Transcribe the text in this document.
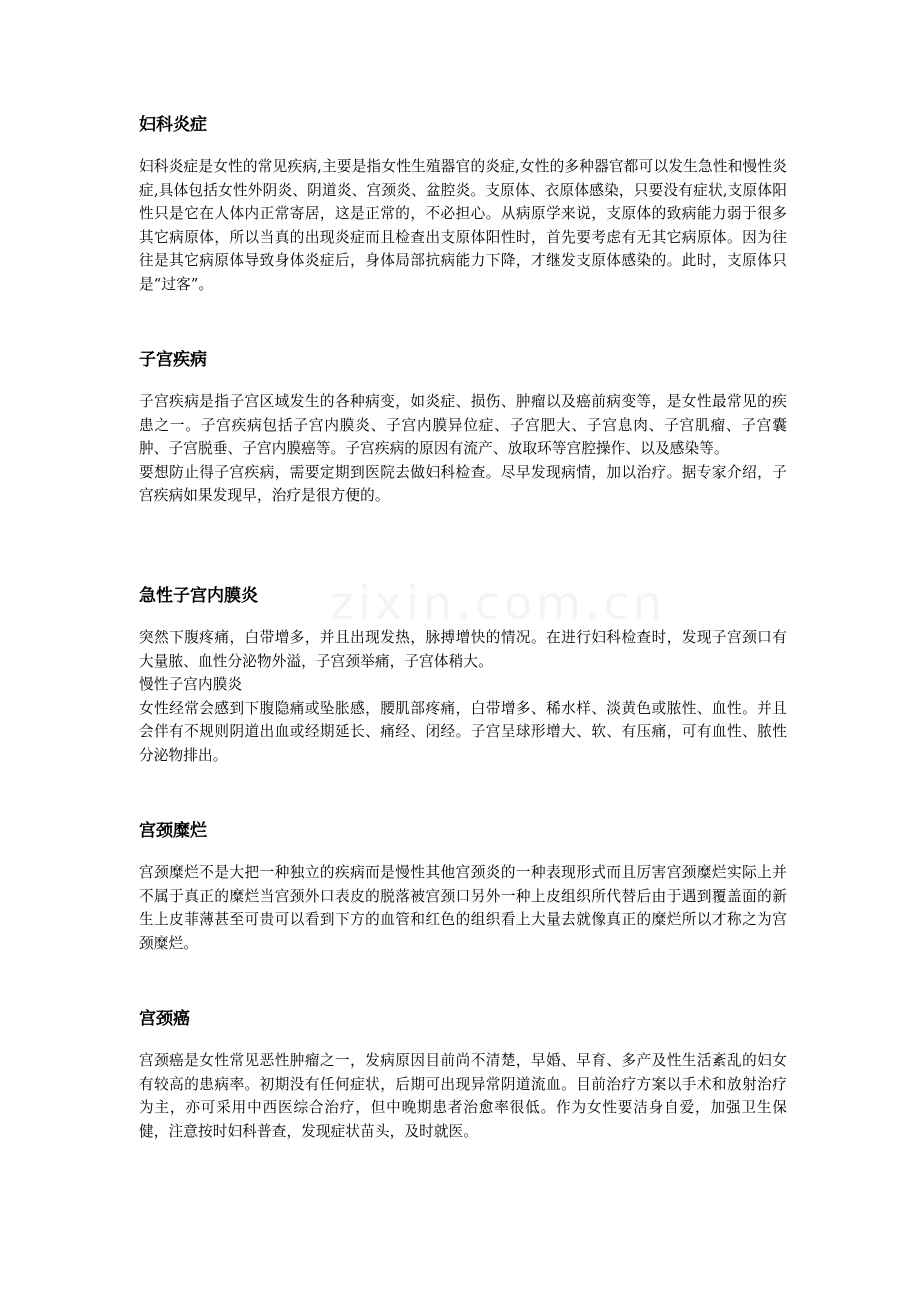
zixin.com.cn
妇科炎症

妇科炎症是女性的常见疾病,主要是指女性生殖器官的炎症,女性的多种器官都可以发生急性和慢性炎症,具体包括女性外阴炎、阴道炎、宫颈炎、盆腔炎。支原体、衣原体感染，只要没有症状,支原体阳性只是它在人体内正常寄居，这是正常的，不必担心。从病原学来说，支原体的致病能力弱于很多其它病原体，所以当真的出现炎症而且检查出支原体阳性时，首先要考虑有无其它病原体。因为往往是其它病原体导致身体炎症后，身体局部抗病能力下降，才继发支原体感染的。此时，支原体只是“过客”。

子宫疾病

子宫疾病是指子宫区域发生的各种病变，如炎症、损伤、肿瘤以及癌前病变等，是女性最常见的疾患之一。子宫疾病包括子宫内膜炎、子宫内膜异位症、子宫肥大、子宫息肉、子宫肌瘤、子宫囊肿、子宫脱垂、子宫内膜癌等。子宫疾病的原因有流产、放取环等宫腔操作、以及感染等。

要想防止得子宫疾病，需要定期到医院去做妇科检查。尽早发现病情，加以治疗。据专家介绍，子宫疾病如果发现早，治疗是很方便的。

急性子宫内膜炎

突然下腹疼痛，白带增多，并且出现发热，脉搏增快的情况。在进行妇科检查时，发现子宫颈口有大量脓、血性分泌物外溢，子宫颈举痛，子宫体稍大。

慢性子宫内膜炎

女性经常会感到下腹隐痛或坠胀感，腰肌部疼痛，白带增多、稀水样、淡黄色或脓性、血性。并且会伴有不规则阴道出血或经期延长、痛经、闭经。子宫呈球形增大、软、有压痛，可有血性、脓性分泌物排出。

宫颈糜烂

宫颈糜烂不是大把一种独立的疾病而是慢性其他宫颈炎的一种表现形式而且厉害宫颈糜烂实际上并不属于真正的糜烂当宫颈外口表皮的脱落被宫颈口另外一种上皮组织所代替后由于遇到覆盖面的新生上皮菲薄甚至可贵可以看到下方的血管和红色的组织看上大量去就像真正的糜烂所以才称之为宫颈糜烂。

宫颈癌

宫颈癌是女性常见恶性肿瘤之一，发病原因目前尚不清楚，早婚、早育、多产及性生活紊乱的妇女有较高的患病率。初期没有任何症状，后期可出现异常阴道流血。目前治疗方案以手术和放射治疗为主，亦可采用中西医综合治疗，但中晚期患者治愈率很低。作为女性要洁身自爱，加强卫生保健，注意按时妇科普查，发现症状苗头，及时就医。
